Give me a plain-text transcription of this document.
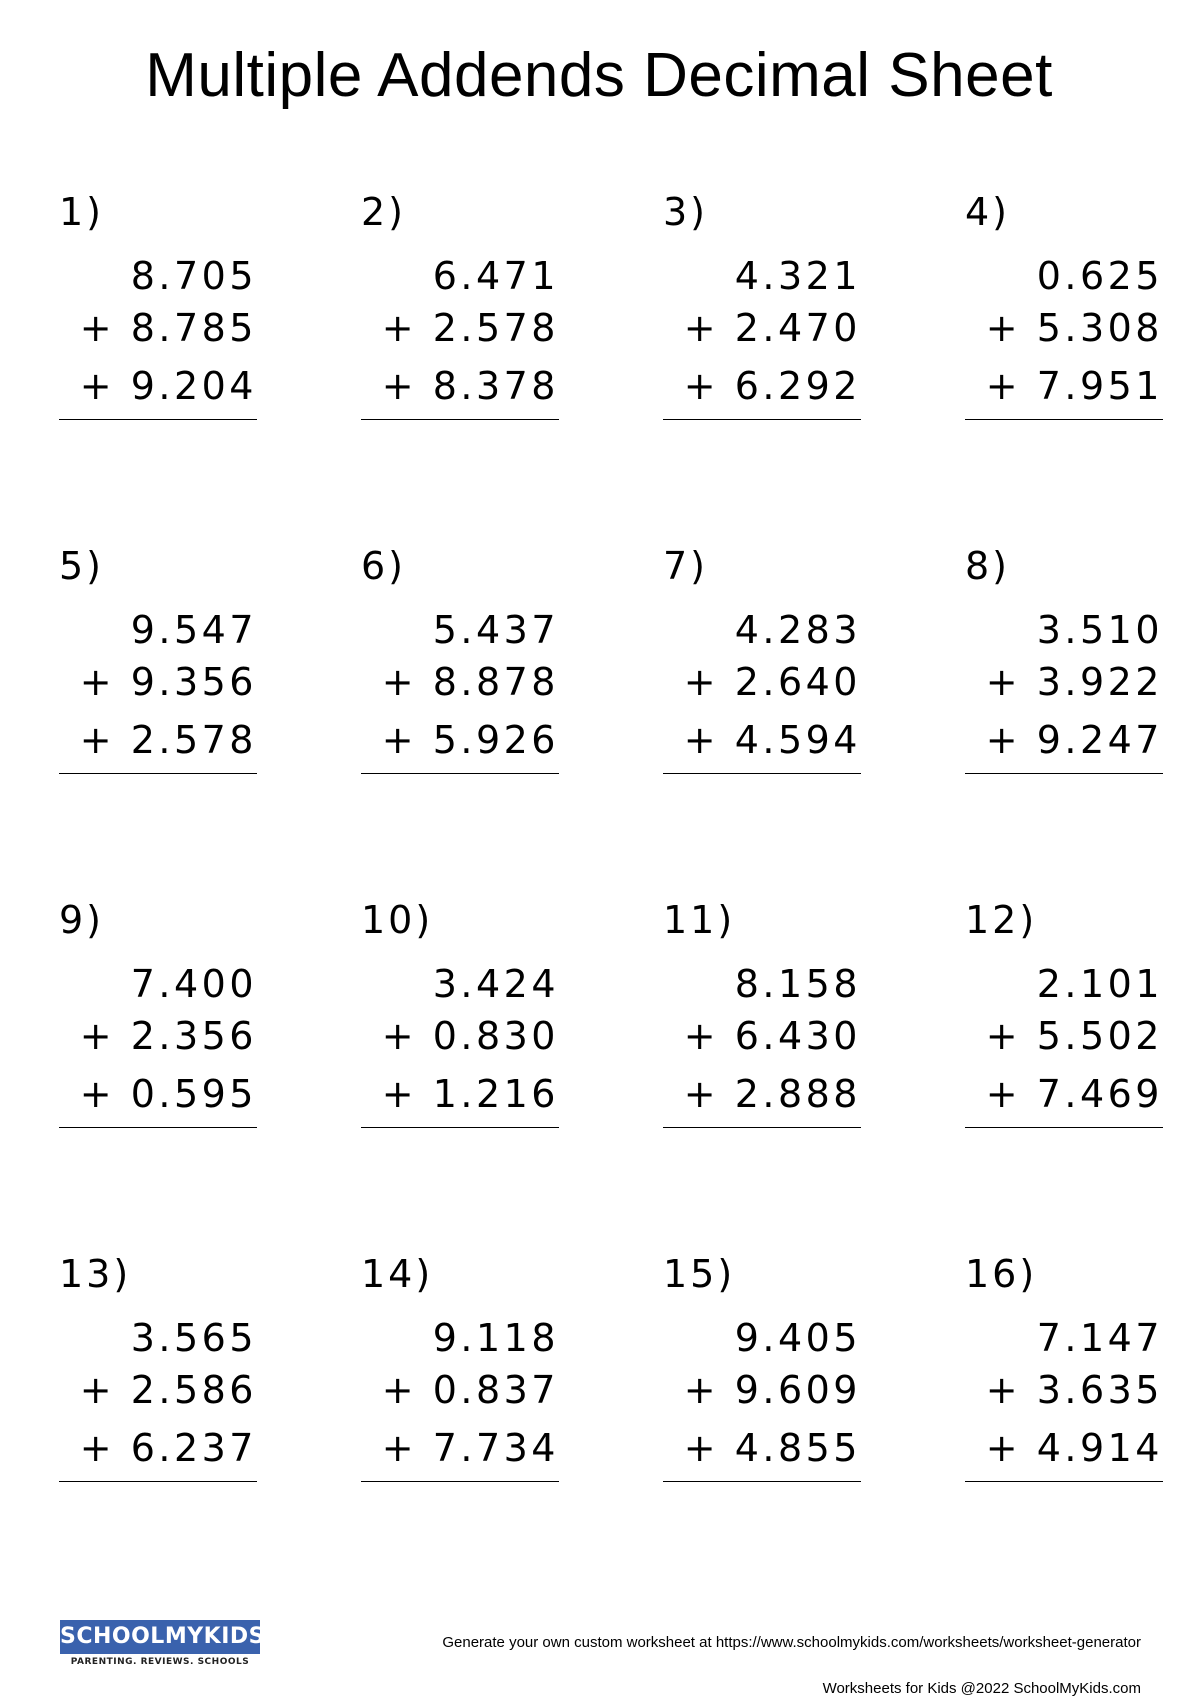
Multiple Addends Decimal Sheet
1)
8.705
+ 8.785
+ 9.204
2)
6.471
+ 2.578
+ 8.378
3)
4.321
+ 2.470
+ 6.292
4)
0.625
+ 5.308
+ 7.951
5)
9.547
+ 9.356
+ 2.578
6)
5.437
+ 8.878
+ 5.926
7)
4.283
+ 2.640
+ 4.594
8)
3.510
+ 3.922
+ 9.247
9)
7.400
+ 2.356
+ 0.595
10)
3.424
+ 0.830
+ 1.216
11)
8.158
+ 6.430
+ 2.888
12)
2.101
+ 5.502
+ 7.469
13)
3.565
+ 2.586
+ 6.237
14)
9.118
+ 0.837
+ 7.734
15)
9.405
+ 9.609
+ 4.855
16)
7.147
+ 3.635
+ 4.914
SCHOOLMYKIDS
PARENTING. REVIEWS. SCHOOLS
Generate your own custom worksheet at https://www.schoolmykids.com/worksheets/worksheet-generator
Worksheets for Kids @2022 SchoolMyKids.com
